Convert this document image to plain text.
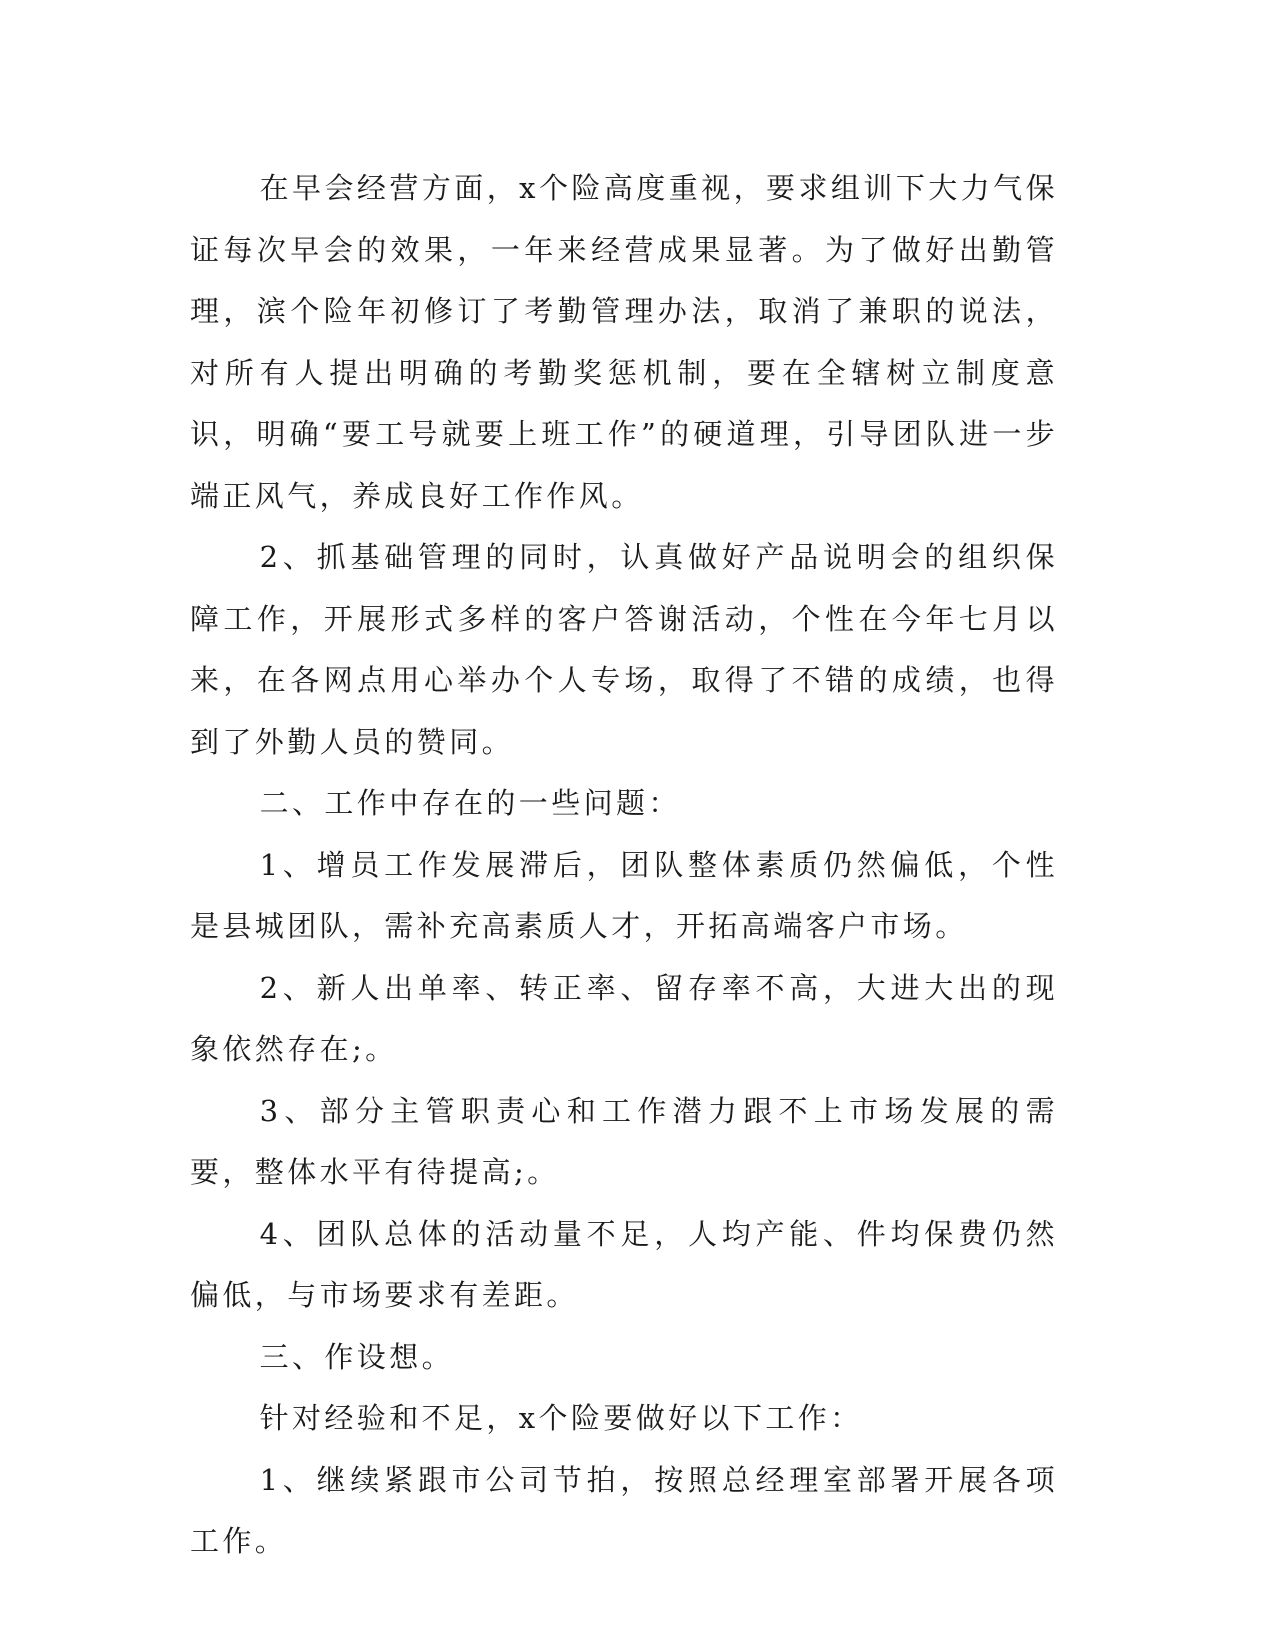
在早会经营方面，x个险高度重视，要求组训下大力气保证每次早会的效果，一年来经营成果显著。为了做好出勤管理，滨个险年初修订了考勤管理办法，取消了兼职的说法，对所有人提出明确的考勤奖惩机制，要在全辖树立制度意识，明确“要工号就要上班工作”的硬道理，引导团队进一步端正风气，养成良好工作作风。

2、抓基础管理的同时，认真做好产品说明会的组织保障工作，开展形式多样的客户答谢活动，个性在今年七月以来，在各网点用心举办个人专场，取得了不错的成绩，也得到了外勤人员的赞同。

二、工作中存在的一些问题：

1、增员工作发展滞后，团队整体素质仍然偏低，个性是县城团队，需补充高素质人才，开拓高端客户市场。

2、新人出单率、转正率、留存率不高，大进大出的现象依然存在;。

3、部分主管职责心和工作潜力跟不上市场发展的需要，整体水平有待提高;。

4、团队总体的活动量不足，人均产能、件均保费仍然偏低，与市场要求有差距。

三、作设想。

针对经验和不足，x个险要做好以下工作：

1、继续紧跟市公司节拍，按照总经理室部署开展各项工作。
